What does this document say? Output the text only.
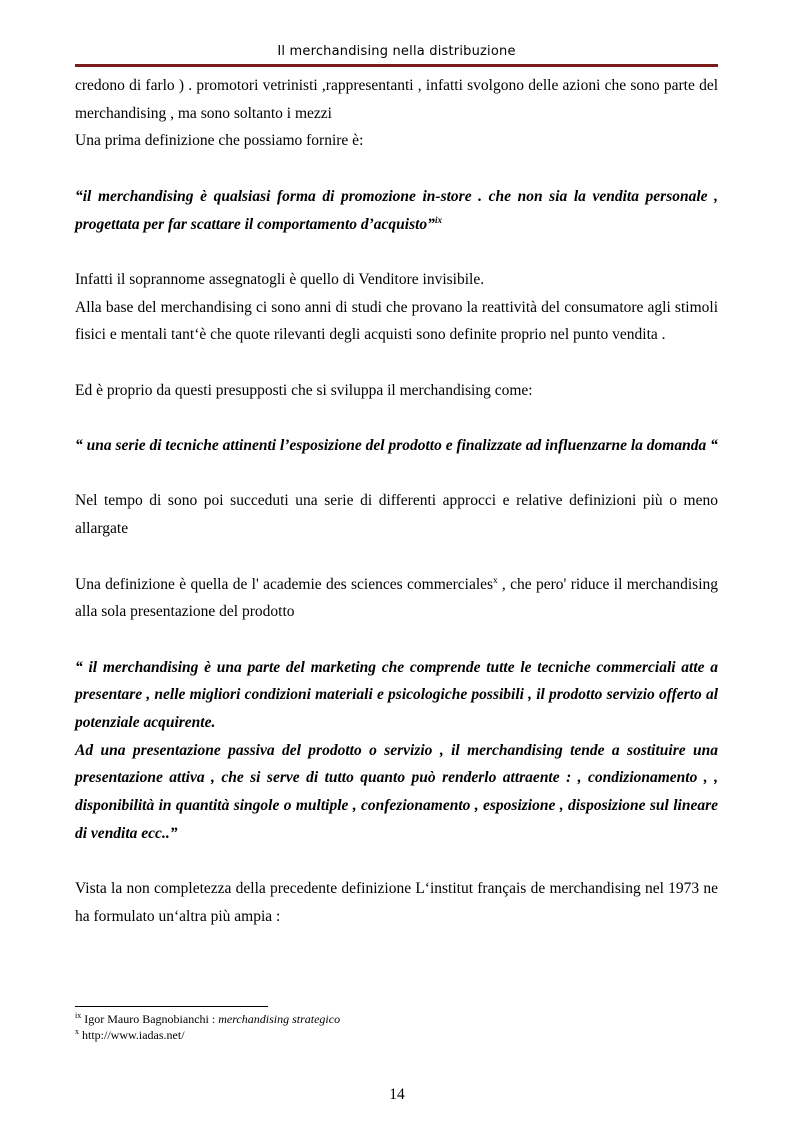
Il merchandising nella distribuzione

credono di farlo ) . promotori vetrinisti ,rappresentanti , infatti svolgono delle azioni che sono parte del merchandising , ma sono soltanto i mezzi

Una prima definizione che possiamo fornire è:

“il merchandising è qualsiasi forma di promozione in-store . che non sia la vendita personale , progettata per far scattare il comportamento d’acquisto”$^{ix}$

Infatti il soprannome assegnatogli è quello di Venditore invisibile.

Alla base del merchandising ci sono anni di studi che provano la reattività del consumatore agli stimoli fisici e mentali tant‘è che quote rilevanti degli acquisti sono definite proprio nel punto vendita .

Ed è proprio da questi presupposti che si sviluppa il merchandising come:

“ una serie di tecniche attinenti l’esposizione del prodotto e finalizzate ad influenzarne la domanda “

Nel tempo di sono poi succeduti una serie di differenti approcci e relative definizioni più o meno allargate

Una definizione è quella de l' academie des sciences commerciales$^x$ , che pero' riduce il merchandising alla sola presentazione del prodotto

“ il merchandising è una parte del marketing che comprende tutte le tecniche commerciali atte a presentare , nelle migliori condizioni materiali e psicologiche possibili , il prodotto servizio offerto al potenziale acquirente.

Ad una presentazione passiva del prodotto o servizio , il merchandising tende a sostituire una presentazione attiva , che si serve di tutto quanto può renderlo attraente : , condizionamento , , disponibilità in quantità singole o multiple , confezionamento , esposizione , disposizione sul lineare di vendita ecc..”

Vista la non completezza della precedente definizione L‘institut français de merchandising nel 1973 ne ha formulato un‘altra più ampia :

$^{ix}$ Igor Mauro Bagnobianchi : merchandising strategico
$^x$ http://www.iadas.net/
14
